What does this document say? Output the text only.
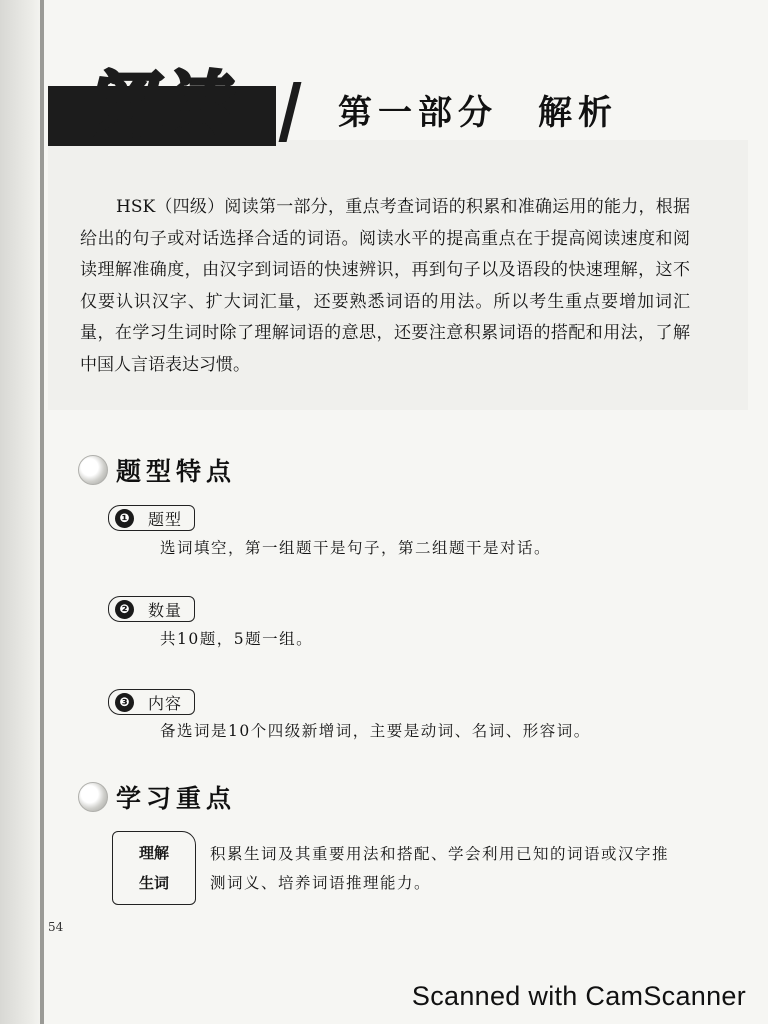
阅读	第一部分 解析
HSK（四级）阅读第一部分，重点考查词语的积累和准确运用的能力，根据给出的句子或对话选择合适的词语。阅读水平的提高重点在于提高阅读速度和阅读理解准确度，由汉字到词语的快速辨识，再到句子以及语段的快速理解，这不仅要认识汉字、扩大词汇量，还要熟悉词语的用法。所以考生重点要增加词汇量，在学习生词时除了理解词语的意思，还要注意积累词语的搭配和用法，了解中国人言语表达习惯。
题型特点
❶ 题型
选词填空，第一组题干是句子，第二组题干是对话。
❷ 数量
共10题，5题一组。
❸ 内容
备选词是10个四级新增词，主要是动词、名词、形容词。
学习重点
理解
生词
积累生词及其重要用法和搭配、学会利用已知的词语或汉字推测词义、培养词语推理能力。
54
Scanned with CamScanner
